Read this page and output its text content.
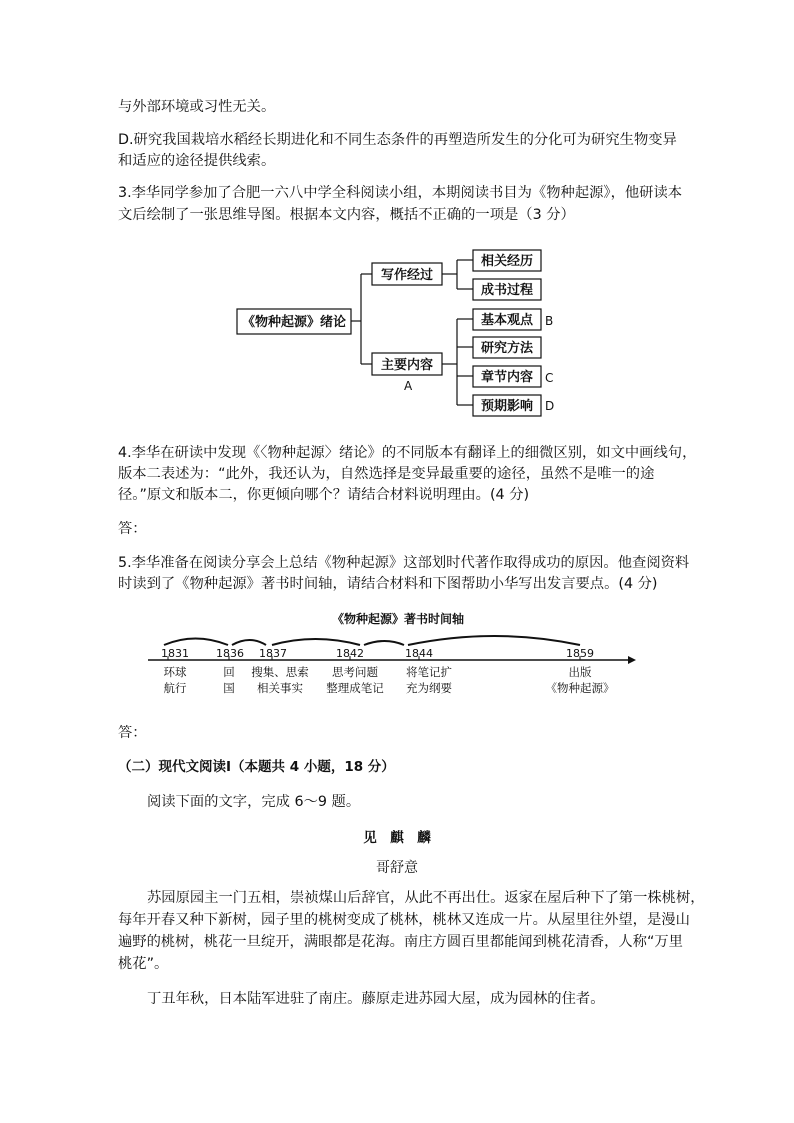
与外部环境或习性无关。
D.研究我国栽培水稻经长期进化和不同生态条件的再塑造所发生的分化可为研究生物变异
和适应的途径提供线索。
3.李华同学参加了合肥一六八中学全科阅读小组，本期阅读书目为《物种起源》，他研读本
文后绘制了一张思维导图。根据本文内容，概括不正确的一项是（3 分）
《物种起源》绪论
写作经过
主要内容
相关经历
成书过程
基本观点
研究方法
章节内容
预期影响
A
B
C
D
4.李华在研读中发现《〈物种起源〉绪论》的不同版本有翻译上的细微区别，如文中画线句，
版本二表述为：“此外，我还认为，自然选择是变异最重要的途径，虽然不是唯一的途
径。”原文和版本二，你更倾向哪个？请结合材料说明理由。(4 分)
答：
5.李华准备在阅读分享会上总结《物种起源》这部划时代著作取得成功的原因。他查阅资料
时读到了《物种起源》著书时间轴，请结合材料和下图帮助小华写出发言要点。(4 分)
《物种起源》著书时间轴
1831 1836 1837	1842	1844	1859
环球
航行
回
国
搜集、思索
相关事实
思考问题
整理成笔记
将笔记扩
充为纲要
出版
《物种起源》
答：
（二）现代文阅读Ⅰ（本题共 4 小题，18 分）
阅读下面的文字，完成 6～9 题。
见　麒　麟
哥舒意
苏园原园主一门五相，崇祯煤山后辞官，从此不再出仕。返家在屋后种下了第一株桃树，
每年开春又种下新树，园子里的桃树变成了桃林，桃林又连成一片。从屋里往外望，是漫山
遍野的桃树，桃花一旦绽开，满眼都是花海。南庄方圆百里都能闻到桃花清香，人称“万里
桃花”。
丁丑年秋，日本陆军进驻了南庄。藤原走进苏园大屋，成为园林的住者。
